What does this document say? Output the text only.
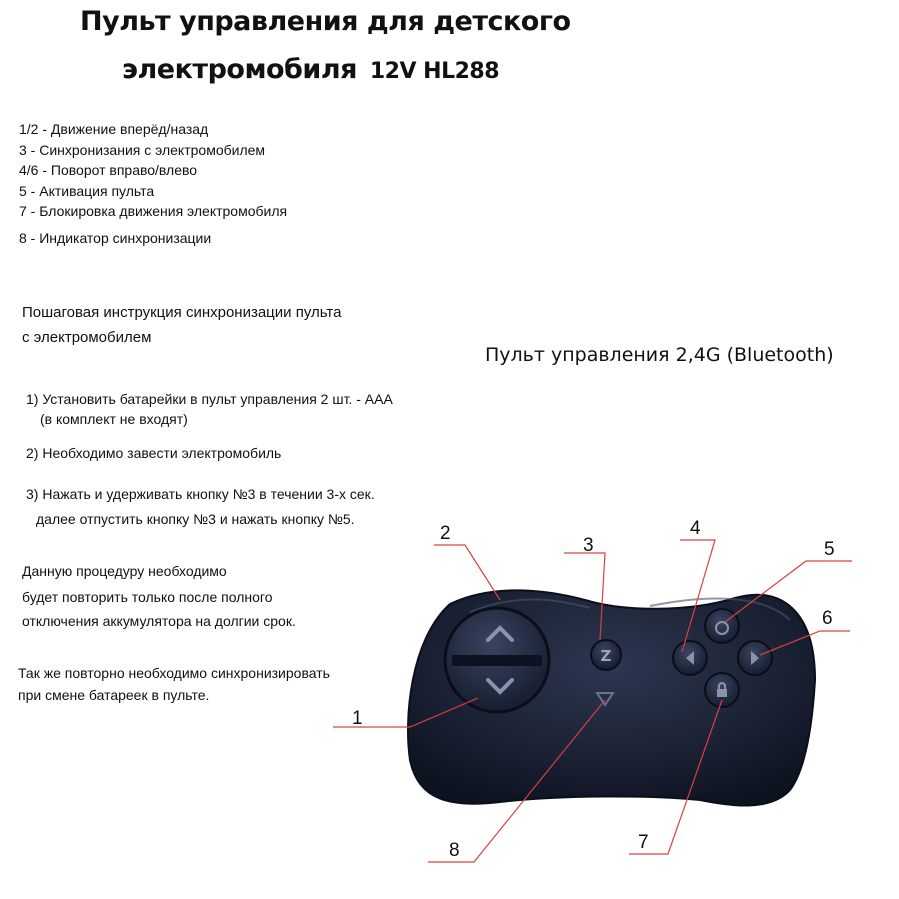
Пульт управления для детского
электромобиля 12V HL288
1/2 - Движение вперёд/назад
3 - Синхронизания с электромобилем
4/6 - Поворот вправо/влево
5 - Активация пульта
7 - Блокировка движения электромобиля
8 - Индикатор синхронизации
Пошаговая инструкция синхронизации пульта
с электромобилем
1) Установить батарейки в пульт управления 2 шт. - AAA
(в комплект не входят)
2) Необходимо завести электромобиль
3) Нажать и удерживать кнопку №3 в течении 3-х сек.
далее отпустить кнопку №3 и нажать кнопку №5.
Данную процедуру необходимо
будет повторить только после полного
отключения аккумулятора на долгии срок.
Так же повторно необходимо синхронизировать
при смене батареек в пульте.
Пульт управления 2,4G (Bluetooth)
Z
2
3
4
5
6
1
7
8
